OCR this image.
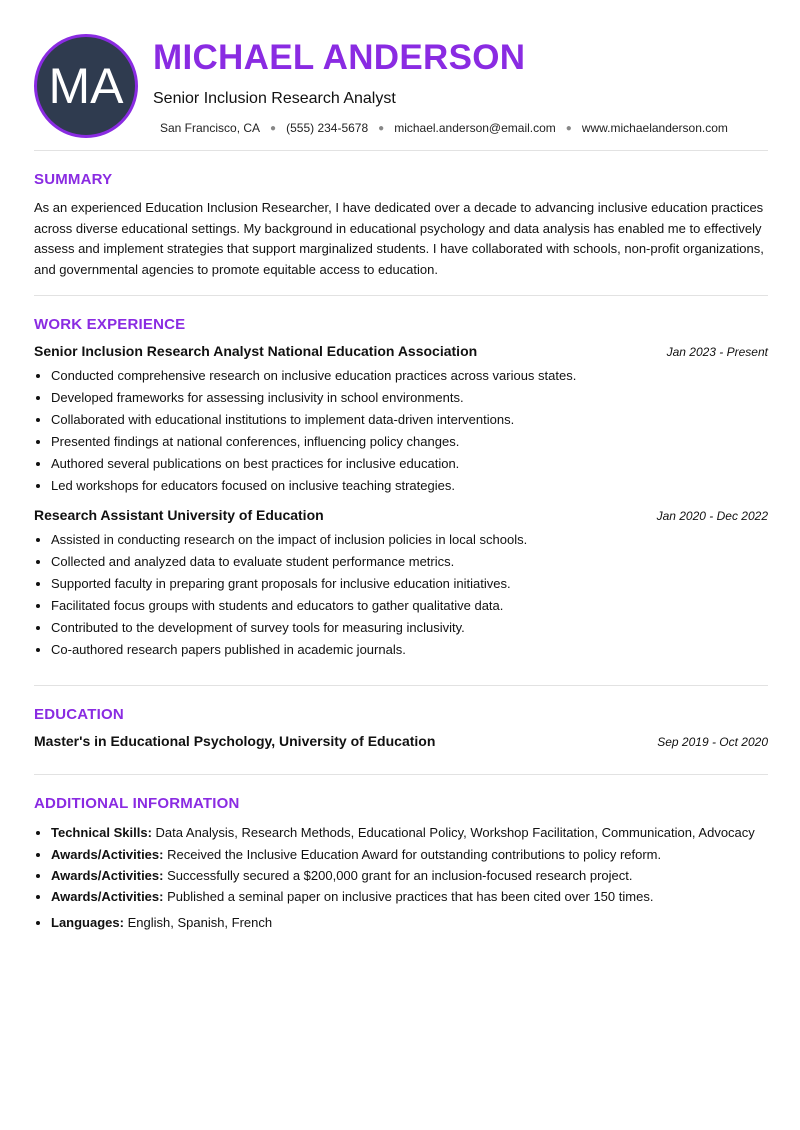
MA
MICHAEL ANDERSON
Senior Inclusion Research Analyst
San Francisco, CA ● (555) 234-5678 ● michael.anderson@email.com ● www.michaelanderson.com
SUMMARY
As an experienced Education Inclusion Researcher, I have dedicated over a decade to advancing inclusive education practices across diverse educational settings. My background in educational psychology and data analysis has enabled me to effectively assess and implement strategies that support marginalized students. I have collaborated with schools, non-profit organizations, and governmental agencies to promote equitable access to education.
WORK EXPERIENCE
Senior Inclusion Research Analyst National Education Association	Jan 2023 - Present
• Conducted comprehensive research on inclusive education practices across various states.
• Developed frameworks for assessing inclusivity in school environments.
• Collaborated with educational institutions to implement data-driven interventions.
• Presented findings at national conferences, influencing policy changes.
• Authored several publications on best practices for inclusive education.
• Led workshops for educators focused on inclusive teaching strategies.
Research Assistant University of Education	Jan 2020 - Dec 2022
• Assisted in conducting research on the impact of inclusion policies in local schools.
• Collected and analyzed data to evaluate student performance metrics.
• Supported faculty in preparing grant proposals for inclusive education initiatives.
• Facilitated focus groups with students and educators to gather qualitative data.
• Contributed to the development of survey tools for measuring inclusivity.
• Co-authored research papers published in academic journals.
EDUCATION
Master's in Educational Psychology, University of Education	Sep 2019 - Oct 2020
ADDITIONAL INFORMATION
• Technical Skills: Data Analysis, Research Methods, Educational Policy, Workshop Facilitation, Communication, Advocacy
• Awards/Activities: Received the Inclusive Education Award for outstanding contributions to policy reform.
• Awards/Activities: Successfully secured a $200,000 grant for an inclusion-focused research project.
• Awards/Activities: Published a seminal paper on inclusive practices that has been cited over 150 times.
• Languages: English, Spanish, French
